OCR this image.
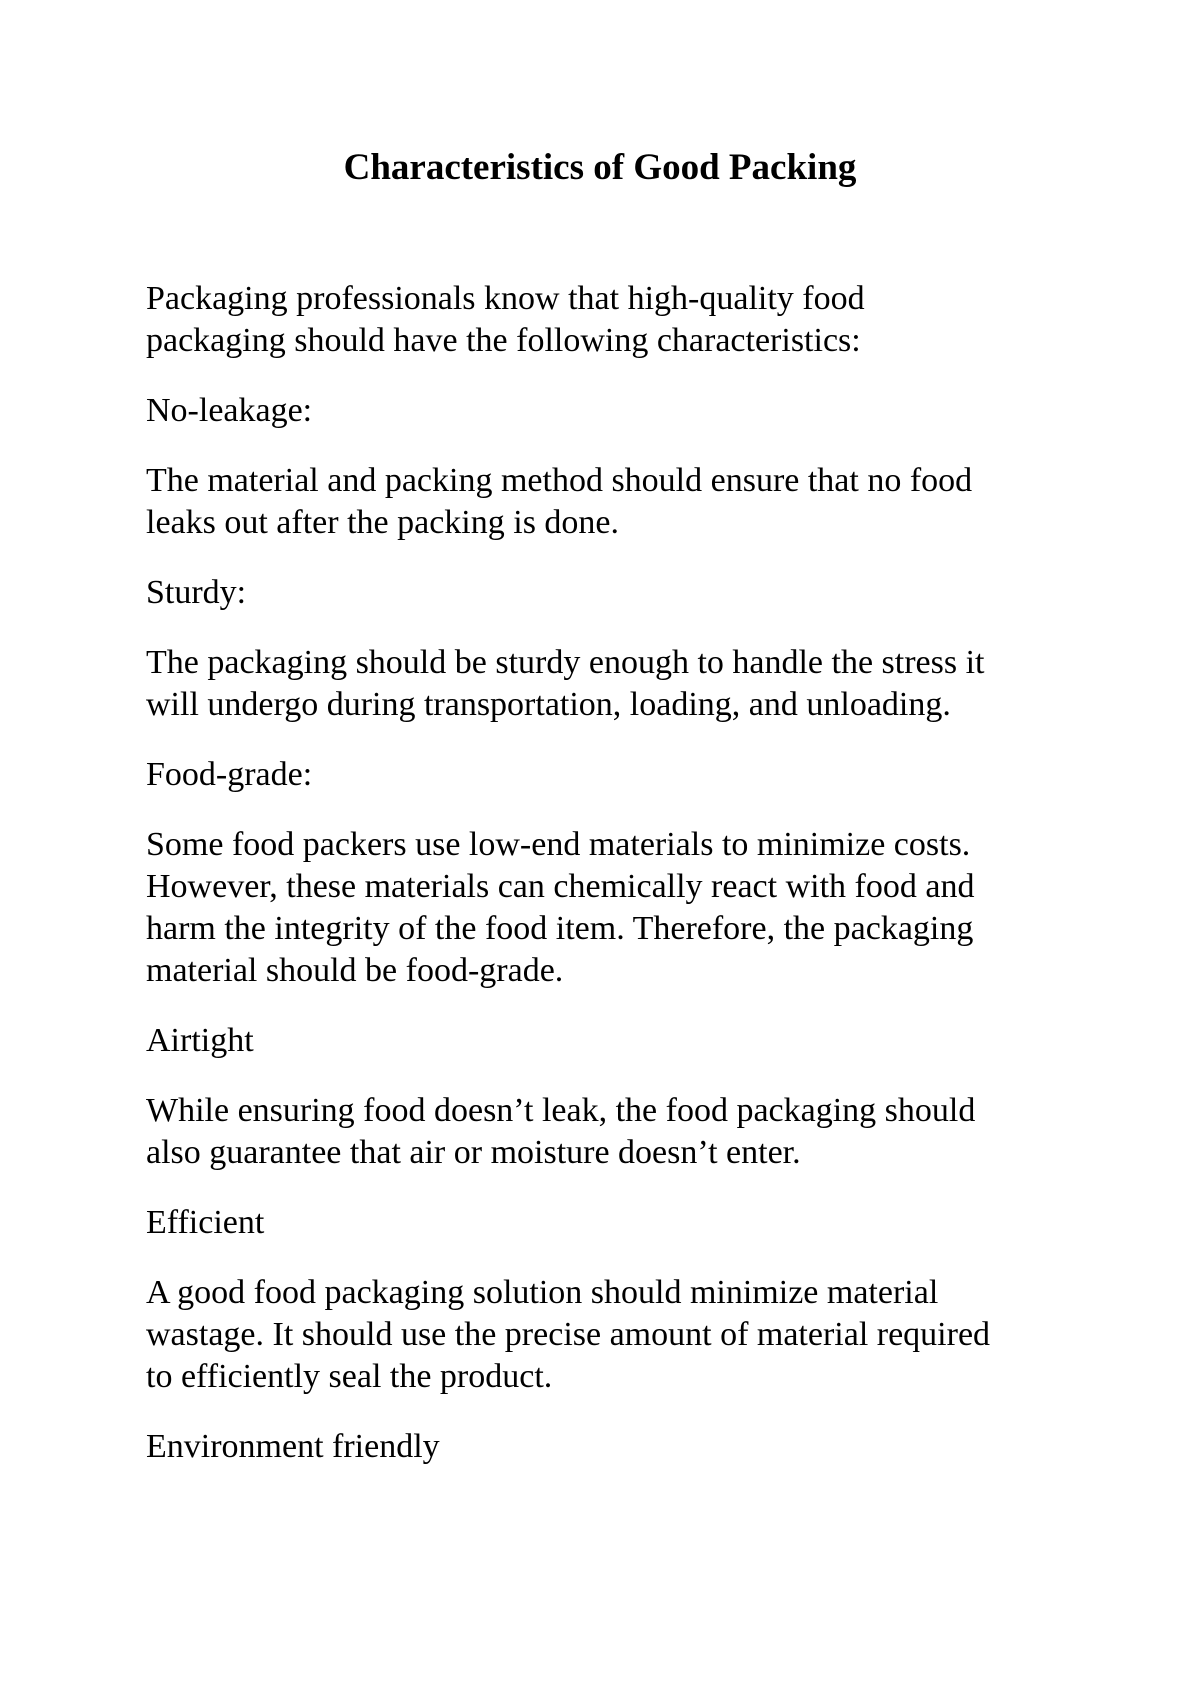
Characteristics of Good Packing

Packaging professionals know that high-quality food
packaging should have the following characteristics:

No-leakage:

The material and packing method should ensure that no food
leaks out after the packing is done.

Sturdy:

The packaging should be sturdy enough to handle the stress it
will undergo during transportation, loading, and unloading.

Food-grade:

Some food packers use low-end materials to minimize costs.
However, these materials can chemically react with food and
harm the integrity of the food item. Therefore, the packaging
material should be food-grade.

Airtight

While ensuring food doesn’t leak, the food packaging should
also guarantee that air or moisture doesn’t enter.

Efficient

A good food packaging solution should minimize material
wastage. It should use the precise amount of material required
to efficiently seal the product.

Environment friendly
